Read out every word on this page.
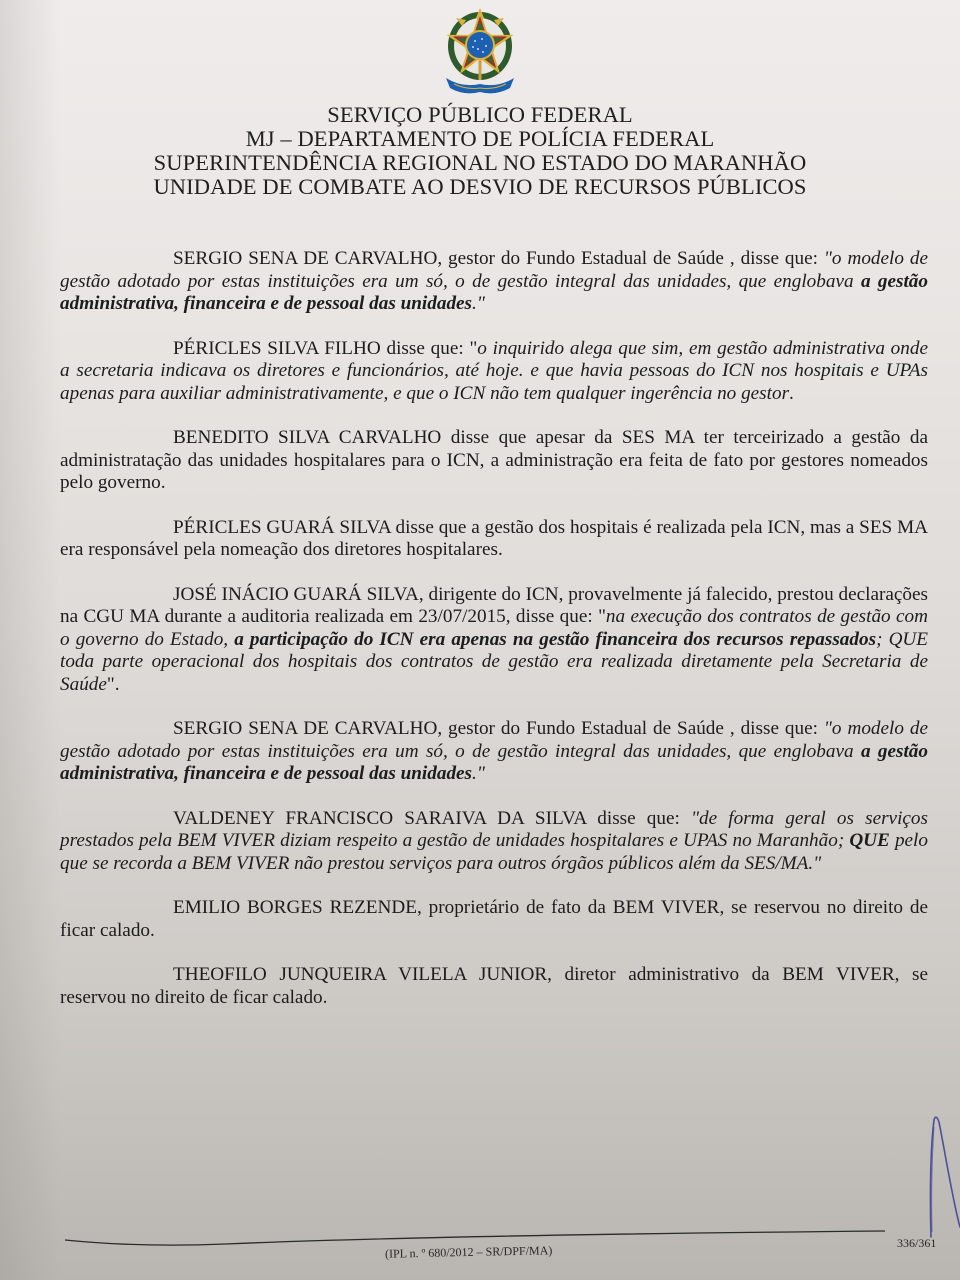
SERVIÇO PÚBLICO FEDERAL
MJ – DEPARTAMENTO DE POLÍCIA FEDERAL
SUPERINTENDÊNCIA REGIONAL NO ESTADO DO MARANHÃO
UNIDADE DE COMBATE AO DESVIO DE RECURSOS PÚBLICOS

SERGIO SENA DE CARVALHO, gestor do Fundo Estadual de Saúde , disse que: "o modelo de gestão adotado por estas instituições era um só, o de gestão integral das unidades, que englobava a gestão administrativa, financeira e de pessoal das unidades."

PÉRICLES SILVA FILHO disse que: "o inquirido alega que sim, em gestão administrativa onde a secretaria indicava os diretores e funcionários, até hoje. e que havia pessoas do ICN nos hospitais e UPAs apenas para auxiliar administrativamente, e que o ICN não tem qualquer ingerência no gestor.

BENEDITO SILVA CARVALHO disse que apesar da SES MA ter terceirizado a gestão da administratação das unidades hospitalares para o ICN, a administração era feita de fato por gestores nomeados pelo governo.

PÉRICLES GUARÁ SILVA disse que a gestão dos hospitais é realizada pela ICN, mas a SES MA era responsável pela nomeação dos diretores hospitalares.

JOSÉ INÁCIO GUARÁ SILVA, dirigente do ICN, provavelmente já falecido, prestou declarações na CGU MA durante a auditoria realizada em 23/07/2015, disse que: "na execução dos contratos de gestão com o governo do Estado, a participação do ICN era apenas na gestão financeira dos recursos repassados; QUE toda parte operacional dos hospitais dos contratos de gestão era realizada diretamente pela Secretaria de Saúde".

SERGIO SENA DE CARVALHO, gestor do Fundo Estadual de Saúde , disse que: "o modelo de gestão adotado por estas instituições era um só, o de gestão integral das unidades, que englobava a gestão administrativa, financeira e de pessoal das unidades."

VALDENEY FRANCISCO SARAIVA DA SILVA disse que: "de forma geral os serviços prestados pela BEM VIVER diziam respeito a gestão de unidades hospitalares e UPAS no Maranhão; QUE pelo que se recorda a BEM VIVER não prestou serviços para outros órgãos públicos além da SES/MA."

EMILIO BORGES REZENDE, proprietário de fato da BEM VIVER, se reservou no direito de ficar calado.

THEOFILO JUNQUEIRA VILELA JUNIOR, diretor administrativo da BEM VIVER, se reservou no direito de ficar calado.

(IPL n. º 680/2012 – SR/DPF/MA)
336/361
